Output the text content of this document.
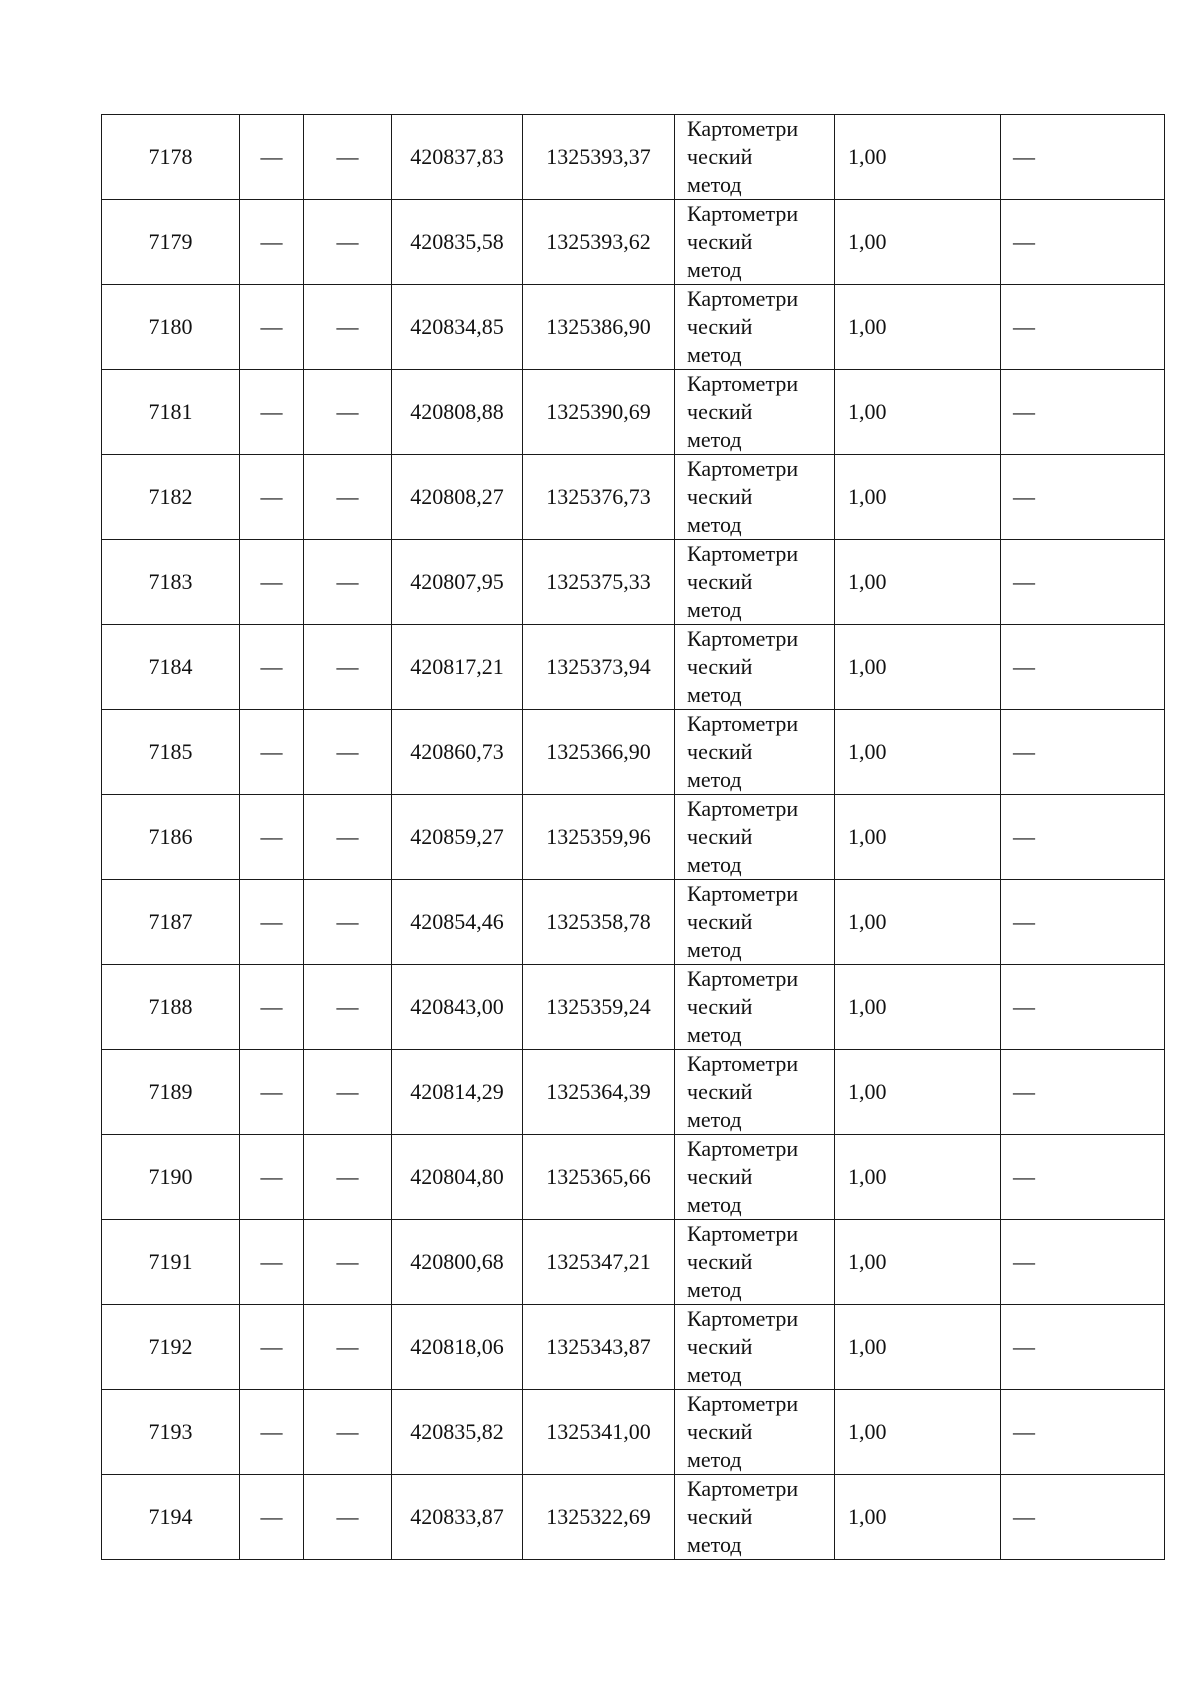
7178	—	—	420837,83	1325393,37	Картометри
ческий
метод	1,00	—
7179	—	—	420835,58	1325393,62	Картометри
ческий
метод	1,00	—
7180	—	—	420834,85	1325386,90	Картометри
ческий
метод	1,00	—
7181	—	—	420808,88	1325390,69	Картометри
ческий
метод	1,00	—
7182	—	—	420808,27	1325376,73	Картометри
ческий
метод	1,00	—
7183	—	—	420807,95	1325375,33	Картометри
ческий
метод	1,00	—
7184	—	—	420817,21	1325373,94	Картометри
ческий
метод	1,00	—
7185	—	—	420860,73	1325366,90	Картометри
ческий
метод	1,00	—
7186	—	—	420859,27	1325359,96	Картометри
ческий
метод	1,00	—
7187	—	—	420854,46	1325358,78	Картометри
ческий
метод	1,00	—
7188	—	—	420843,00	1325359,24	Картометри
ческий
метод	1,00	—
7189	—	—	420814,29	1325364,39	Картометри
ческий
метод	1,00	—
7190	—	—	420804,80	1325365,66	Картометри
ческий
метод	1,00	—
7191	—	—	420800,68	1325347,21	Картометри
ческий
метод	1,00	—
7192	—	—	420818,06	1325343,87	Картометри
ческий
метод	1,00	—
7193	—	—	420835,82	1325341,00	Картометри
ческий
метод	1,00	—
7194	—	—	420833,87	1325322,69	Картометри
ческий
метод	1,00	—
